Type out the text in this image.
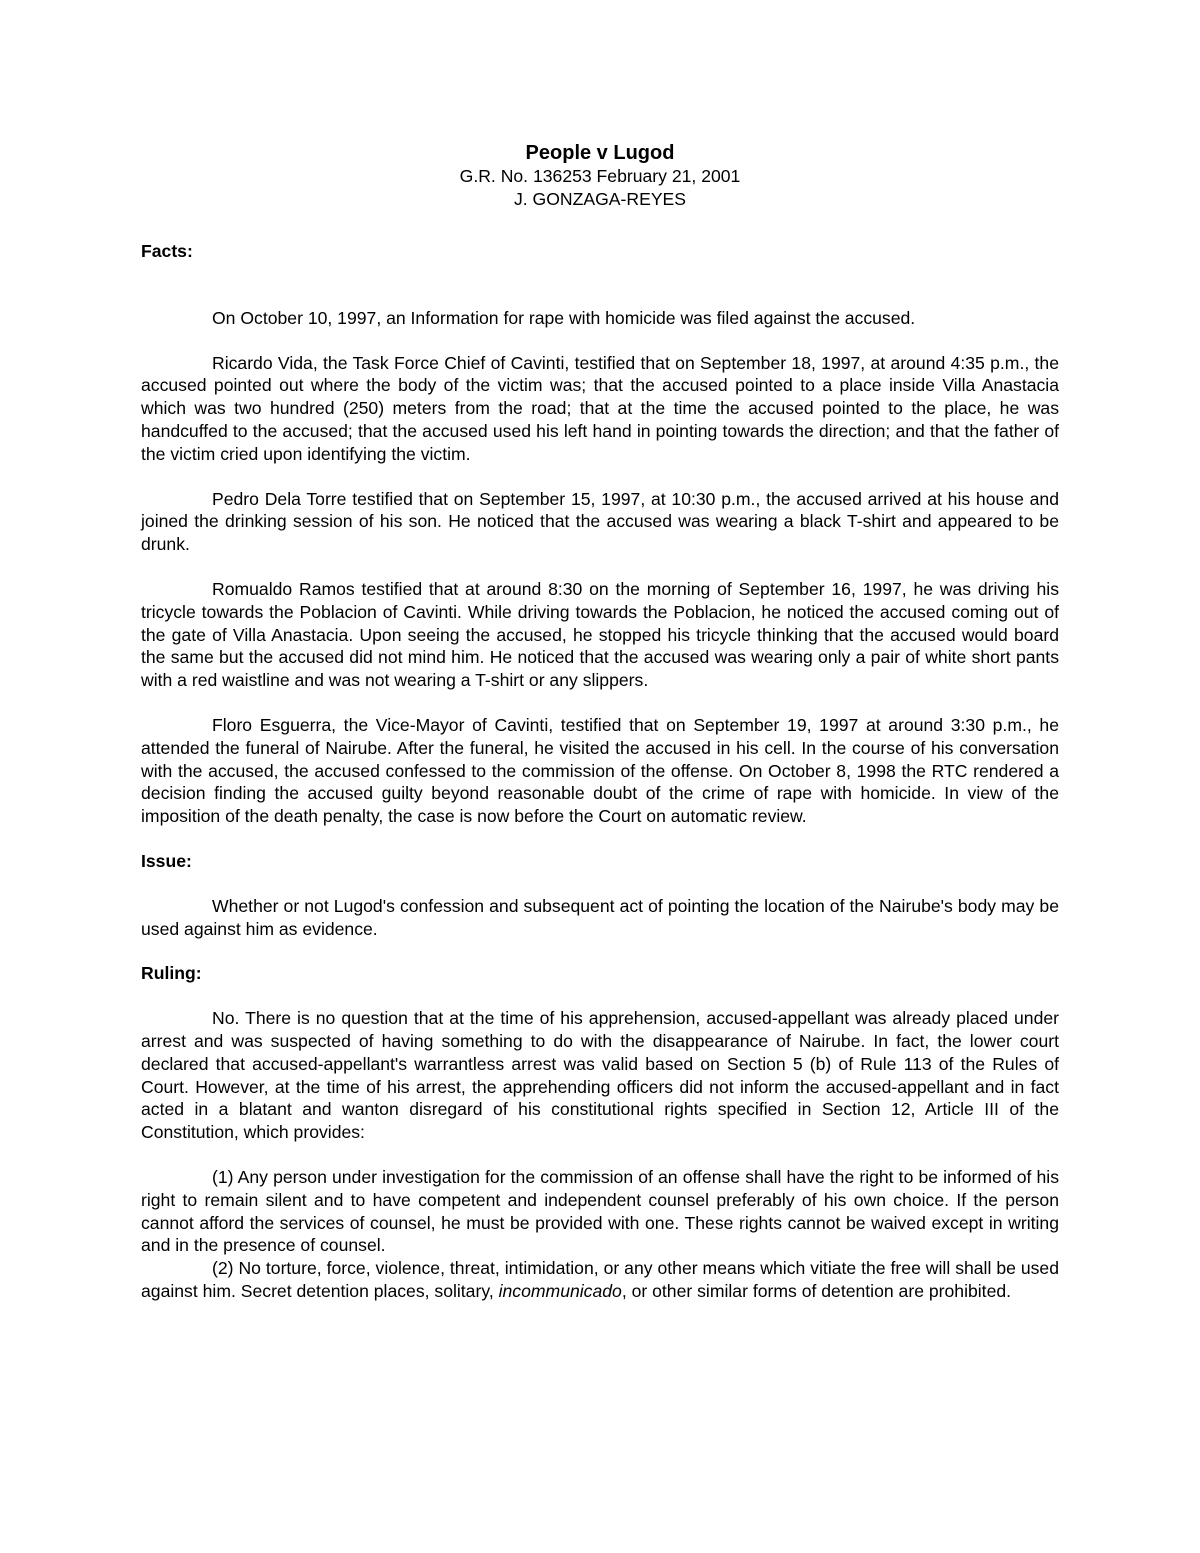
People v Lugod
G.R. No. 136253 February 21, 2001
J. GONZAGA-REYES
Facts:

On October 10, 1997, an Information for rape with homicide was filed against the accused.

Ricardo Vida, the Task Force Chief of Cavinti, testified that on September 18, 1997, at around 4:35 p.m., the accused pointed out where the body of the victim was; that the accused pointed to a place inside Villa Anastacia which was two hundred (250) meters from the road; that at the time the accused pointed to the place, he was handcuffed to the accused; that the accused used his left hand in pointing towards the direction; and that the father of the victim cried upon identifying the victim.

Pedro Dela Torre testified that on September 15, 1997, at 10:30 p.m., the accused arrived at his house and joined the drinking session of his son. He noticed that the accused was wearing a black T-shirt and appeared to be drunk.

Romualdo Ramos testified that at around 8:30 on the morning of September 16, 1997, he was driving his tricycle towards the Poblacion of Cavinti. While driving towards the Poblacion, he noticed the accused coming out of the gate of Villa Anastacia. Upon seeing the accused, he stopped his tricycle thinking that the accused would board the same but the accused did not mind him. He noticed that the accused was wearing only a pair of white short pants with a red waistline and was not wearing a T-shirt or any slippers.

Floro Esguerra, the Vice-Mayor of Cavinti, testified that on September 19, 1997 at around 3:30 p.m., he attended the funeral of Nairube. After the funeral, he visited the accused in his cell. In the course of his conversation with the accused, the accused confessed to the commission of the offense. On October 8, 1998 the RTC rendered a decision finding the accused guilty beyond reasonable doubt of the crime of rape with homicide. In view of the imposition of the death penalty, the case is now before the Court on automatic review.

Issue:

Whether or not Lugod's confession and subsequent act of pointing the location of the Nairube's body may be used against him as evidence.

Ruling:

No. There is no question that at the time of his apprehension, accused-appellant was already placed under arrest and was suspected of having something to do with the disappearance of Nairube. In fact, the lower court declared that accused-appellant's warrantless arrest was valid based on Section 5 (b) of Rule 113 of the Rules of Court. However, at the time of his arrest, the apprehending officers did not inform the accused-appellant and in fact acted in a blatant and wanton disregard of his constitutional rights specified in Section 12, Article III of the Constitution, which provides:

(1) Any person under investigation for the commission of an offense shall have the right to be informed of his right to remain silent and to have competent and independent counsel preferably of his own choice. If the person cannot afford the services of counsel, he must be provided with one. These rights cannot be waived except in writing and in the presence of counsel.

(2) No torture, force, violence, threat, intimidation, or any other means which vitiate the free will shall be used against him. Secret detention places, solitary, incommunicado, or other similar forms of detention are prohibited.
